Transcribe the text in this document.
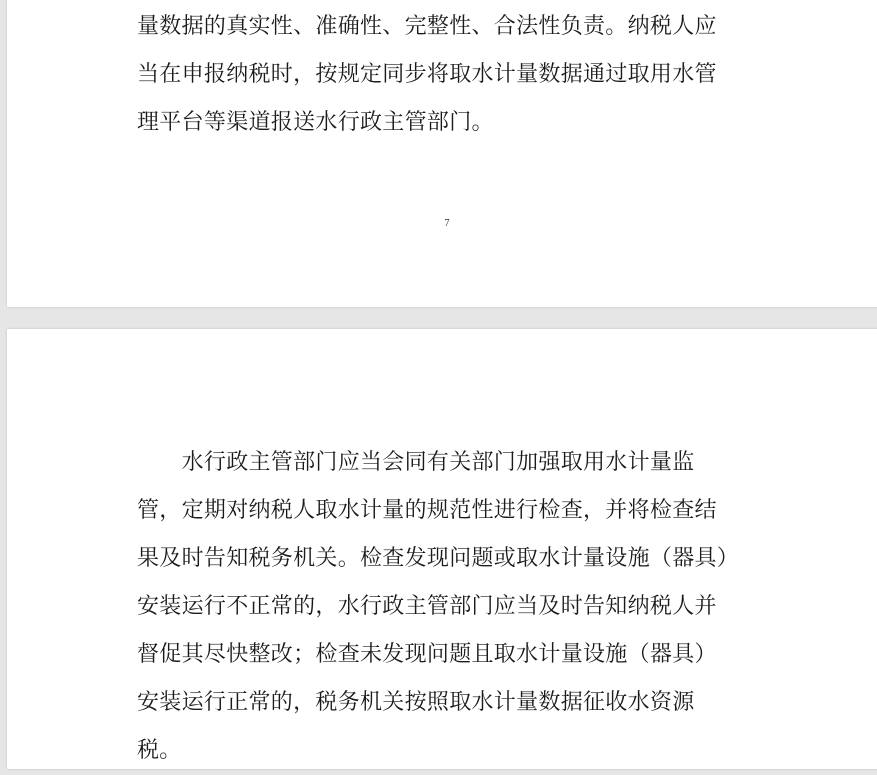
量数据的真实性、准确性、完整性、合法性负责。纳税人应
当在申报纳税时，按规定同步将取水计量数据通过取用水管
理平台等渠道报送水行政主管部门。
7
　　水行政主管部门应当会同有关部门加强取用水计量监
管，定期对纳税人取水计量的规范性进行检查，并将检查结
果及时告知税务机关。检查发现问题或取水计量设施（器具）
安装运行不正常的，水行政主管部门应当及时告知纳税人并
督促其尽快整改；检查未发现问题且取水计量设施（器具）
安装运行正常的，税务机关按照取水计量数据征收水资源
税。
